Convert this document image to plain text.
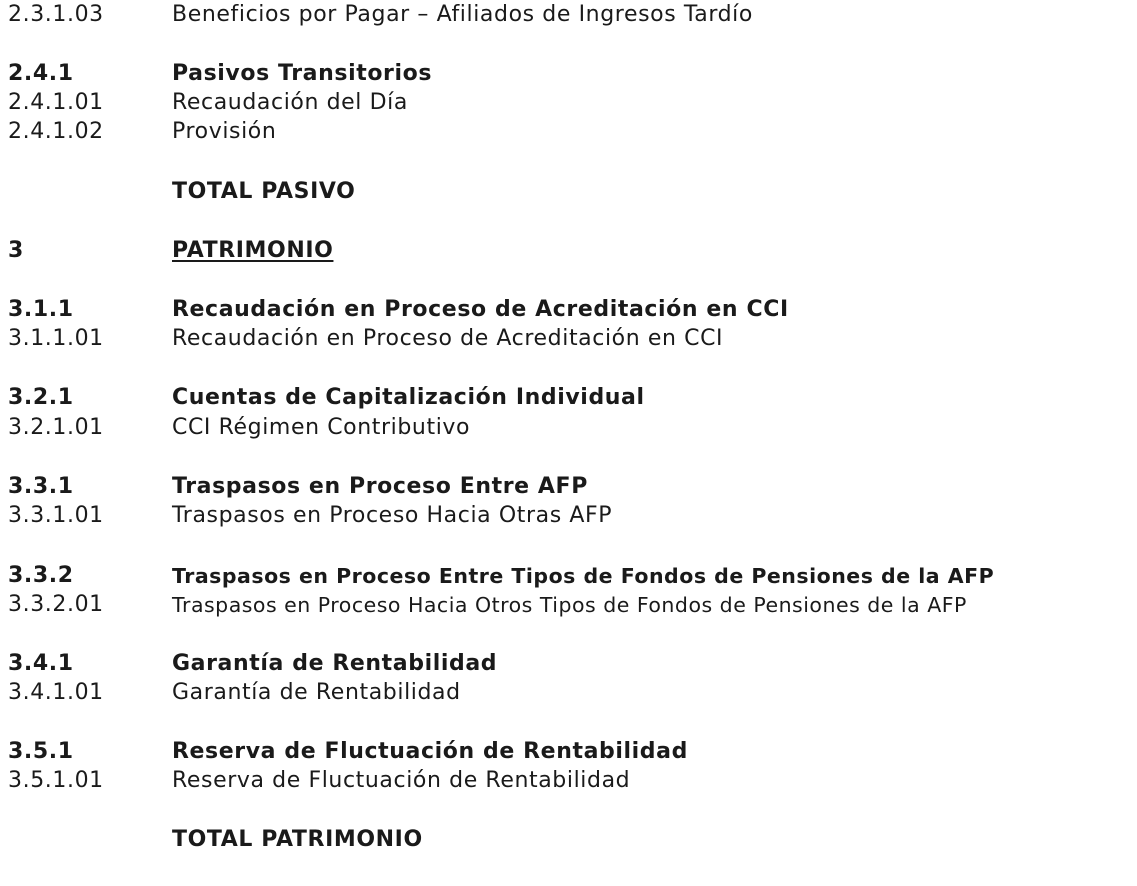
2.3.1.03	Beneficios por Pagar – Afiliados de Ingresos Tardío
2.4.1	Pasivos Transitorios
2.4.1.01	Recaudación del Día
2.4.1.02	Provisión
TOTAL PASIVO
3	PATRIMONIO
3.1.1	Recaudación en Proceso de Acreditación en CCI
3.1.1.01	Recaudación en Proceso de Acreditación en CCI
3.2.1	Cuentas de Capitalización Individual
3.2.1.01	CCI Régimen Contributivo
3.3.1	Traspasos en Proceso Entre AFP
3.3.1.01	Traspasos en Proceso Hacia Otras AFP
3.3.2	Traspasos en Proceso Entre Tipos de Fondos de Pensiones de la AFP
3.3.2.01	Traspasos en Proceso Hacia Otros Tipos de Fondos de Pensiones de la AFP
3.4.1	Garantía de Rentabilidad
3.4.1.01	Garantía de Rentabilidad
3.5.1	Reserva de Fluctuación de Rentabilidad
3.5.1.01	Reserva de Fluctuación de Rentabilidad
TOTAL PATRIMONIO
